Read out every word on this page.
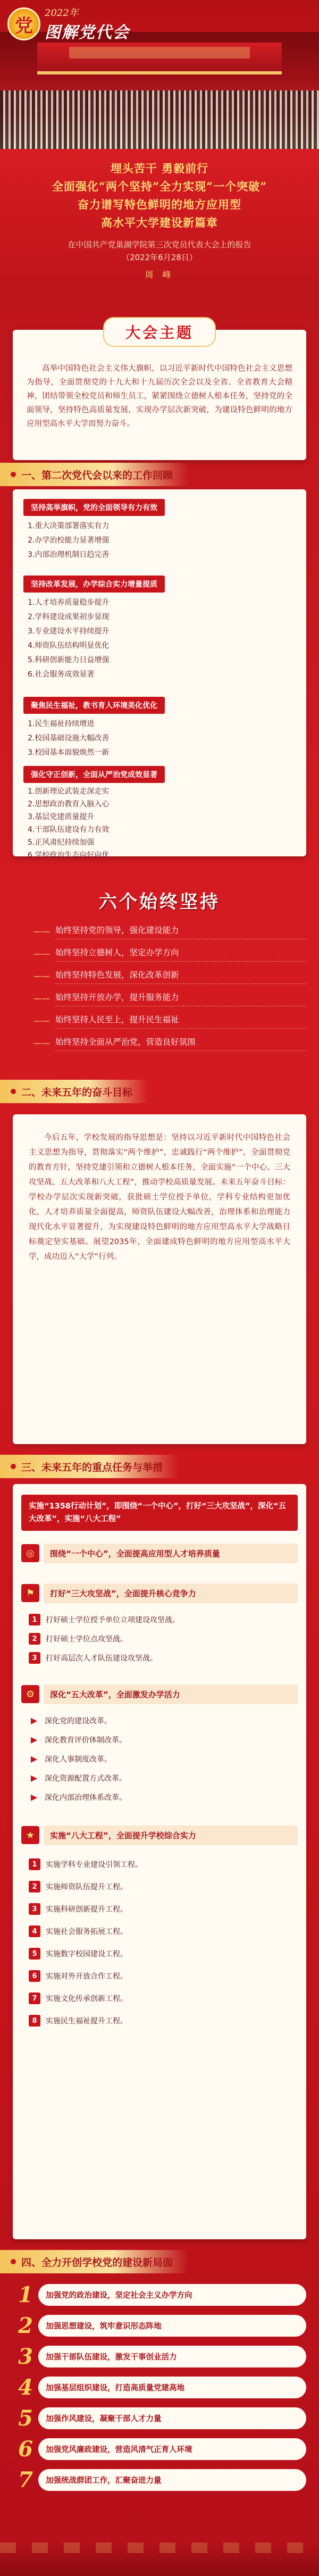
党
2022年
图解党代会
埋头苦干 勇毅前行
全面强化“两个坚持”全力实现“一个突破”
奋力谱写特色鲜明的地方应用型
高水平大学建设新篇章
在中国共产党巢湖学院第三次党员代表大会上的报告
（2022年6月28日）
周 峰
高举中国特色社会主义伟大旗帜，以习近平新时代中国特色社会主义思想为指导，全面贯彻党的十九大和十九届历次全会以及全省、全省教育大会精神，团结带领全校党员和师生员工，紧紧围绕立德树人根本任务，坚持党的全面领导，坚持特色高质量发展，实现办学层次新突破，为建设特色鲜明的地方应用型高水平大学而努力奋斗。
大会主题
一、第二次党代会以来的工作回顾
坚持高举旗帜，党的全面领导有力有效
1.重大决策部署落实有力
2.办学治校能力显著增强
3.内部治理机制日趋完善
坚持改革发展，办学综合实力增量提质
1.人才培养质量稳步提升
2.学科建设成果初步显现
3.专业建设水平持续提升
4.师资队伍结构明显优化
5.科研创新能力日益增强
6.社会服务成效显著
聚焦民生福祉，教书育人环境美化优化
1.民生福祉持续增进
2.校园基础设施大幅改善
3.校园基本面貌焕然一新
强化守正创新，全面从严治党成效显著
1.创新理论武装走深走实
2.思想政治教育入脑入心
3.基层党建质量提升
4.干部队伍建设有力有效
5.正风肃纪持续加强
6.学校政治生态向好向优
六个始终坚持
—— 始终坚持党的领导，强化建设能力
—— 始终坚持立德树人，坚定办学方向
—— 始终坚持特色发展，深化改革创新
—— 始终坚持开放办学，提升服务能力
—— 始终坚持人民至上，提升民生福祉
—— 始终坚持全面从严治党，营造良好氛围
二、未来五年的奋斗目标
今后五年，学校发展的指导思想是：坚持以习近平新时代中国特色社会主义思想为指导，贯彻落实“两个维护”，忠诚践行“两个维护”，全面贯彻党的教育方针，坚持党建引领和立德树人根本任务，全面实施“一个中心、三大攻坚战、五大改革和八大工程”，推动学校高质量发展。未来五年奋斗目标：学校办学层次实现新突破，获批硕士学位授予单位，学科专业结构更加优化，人才培养质量全面提高，师资队伍建设大幅改善，治理体系和治理能力现代化水平显著提升，为实现建设特色鲜明的地方应用型高水平大学战略目标奠定坚实基础。展望2035年，全面建成特色鲜明的地方应用型高水平大学，成功迈入“大学”行列。
三、未来五年的重点任务与举措
实施“1358行动计划”，即围绕“一个中心”，打好“三大攻坚战”，深化“五大改革”，实施“八大工程”
◎	围绕“一个中心”，全面提高应用型人才培养质量
⚑	打好“三大攻坚战”，全面提升核心竞争力
1	打好硕士学位授予单位立项建设攻坚战。
2	打好硕士学位点攻坚战。
3	打好高层次人才队伍建设攻坚战。
⚙	深化“五大改革”，全面激发办学活力
▶ 深化党的建设改革。
▶ 深化教育评价体制改革。
▶ 深化人事制度改革。
▶ 深化资源配置方式改革。
▶ 深化内部治理体系改革。
★	实施“八大工程”，全面提升学校综合实力
1	实施学科专业建设引领工程。
2	实施师资队伍提升工程。
3	实施科研创新提升工程。
4	实施社会服务拓展工程。
5	实施数字校园建设工程。
6	实施对外开放合作工程。
7	实施文化传承创新工程。
8	实施民生福祉提升工程。
四、全力开创学校党的建设新局面
1	加强党的政治建设，坚定社会主义办学方向
2	加强思想建设，筑牢意识形态阵地
3	加强干部队伍建设，激发干事创业活力
4	加强基层组织建设，打造高质量党建高地
5	加强作风建设，凝聚干部人才力量
6	加强党风廉政建设，营造风清气正育人环境
7	加强统战群团工作，汇聚奋进力量
